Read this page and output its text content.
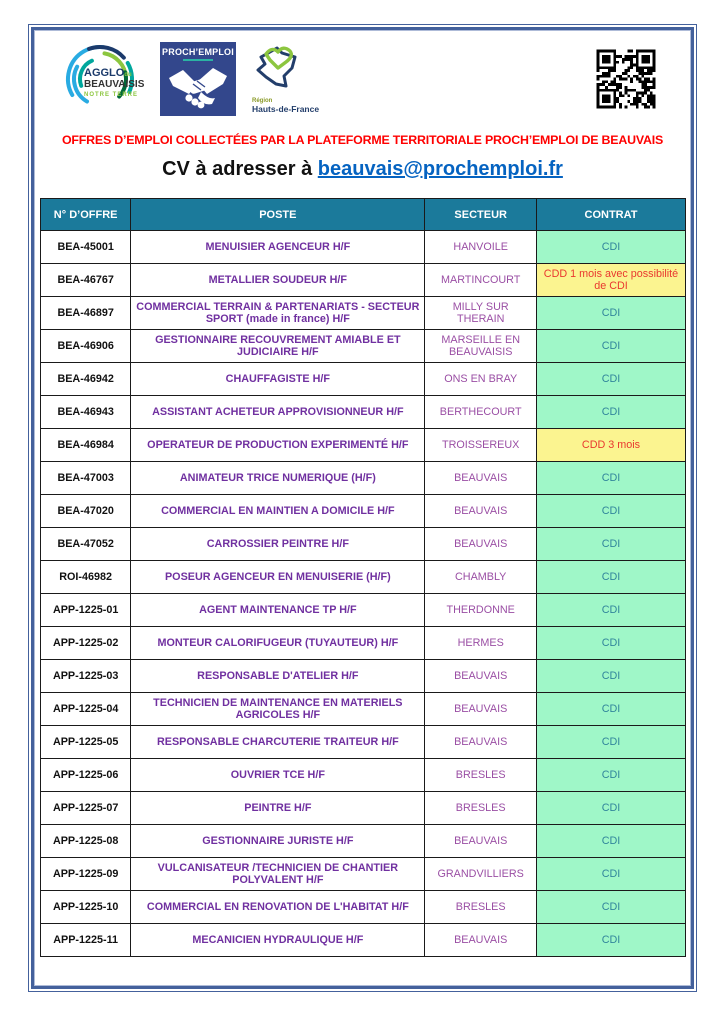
AGGLOdu
BEAUVAISIS
NOTRE TERRE
PROCH’EMPLOI
Région
Hauts-de-France
OFFRES D’EMPLOI COLLECTÉES PAR LA PLATEFORME TERRITORIALE PROCH’EMPLOI DE BEAUVAIS
CV à adresser à beauvais@prochemploi.fr
N° D’OFFRE	POSTE	SECTEUR	CONTRAT
BEA-45001	MENUISIER AGENCEUR H/F	HANVOILE	CDI
BEA-46767	METALLIER SOUDEUR H/F	MARTINCOURT	CDD 1 mois avec possibilité de CDI
BEA-46897	COMMERCIAL TERRAIN & PARTENARIATS - SECTEUR SPORT (made in france) H/F	MILLY SUR THERAIN	CDI
BEA-46906	GESTIONNAIRE RECOUVREMENT AMIABLE ET JUDICIAIRE H/F	MARSEILLE EN BEAUVAISIS	CDI
BEA-46942	CHAUFFAGISTE H/F	ONS EN BRAY	CDI
BEA-46943	ASSISTANT ACHETEUR APPROVISIONNEUR H/F	BERTHECOURT	CDI
BEA-46984	OPERATEUR DE PRODUCTION EXPERIMENTÉ H/F	TROISSEREUX	CDD 3 mois
BEA-47003	ANIMATEUR TRICE NUMERIQUE (H/F)	BEAUVAIS	CDI
BEA-47020	COMMERCIAL EN MAINTIEN A DOMICILE H/F	BEAUVAIS	CDI
BEA-47052	CARROSSIER PEINTRE H/F	BEAUVAIS	CDI
ROI-46982	POSEUR AGENCEUR EN MENUISERIE (H/F)	CHAMBLY	CDI
APP-1225-01	AGENT MAINTENANCE TP H/F	THERDONNE	CDI
APP-1225-02	MONTEUR CALORIFUGEUR (TUYAUTEUR) H/F	HERMES	CDI
APP-1225-03	RESPONSABLE D'ATELIER H/F	BEAUVAIS	CDI
APP-1225-04	TECHNICIEN DE MAINTENANCE EN MATERIELS AGRICOLES H/F	BEAUVAIS	CDI
APP-1225-05	RESPONSABLE CHARCUTERIE TRAITEUR H/F	BEAUVAIS	CDI
APP-1225-06	OUVRIER TCE H/F	BRESLES	CDI
APP-1225-07	PEINTRE H/F	BRESLES	CDI
APP-1225-08	GESTIONNAIRE JURISTE H/F	BEAUVAIS	CDI
APP-1225-09	VULCANISATEUR /TECHNICIEN DE CHANTIER POLYVALENT H/F	GRANDVILLIERS	CDI
APP-1225-10	COMMERCIAL EN RENOVATION DE L'HABITAT H/F	BRESLES	CDI
APP-1225-11	MECANICIEN HYDRAULIQUE H/F	BEAUVAIS	CDI
